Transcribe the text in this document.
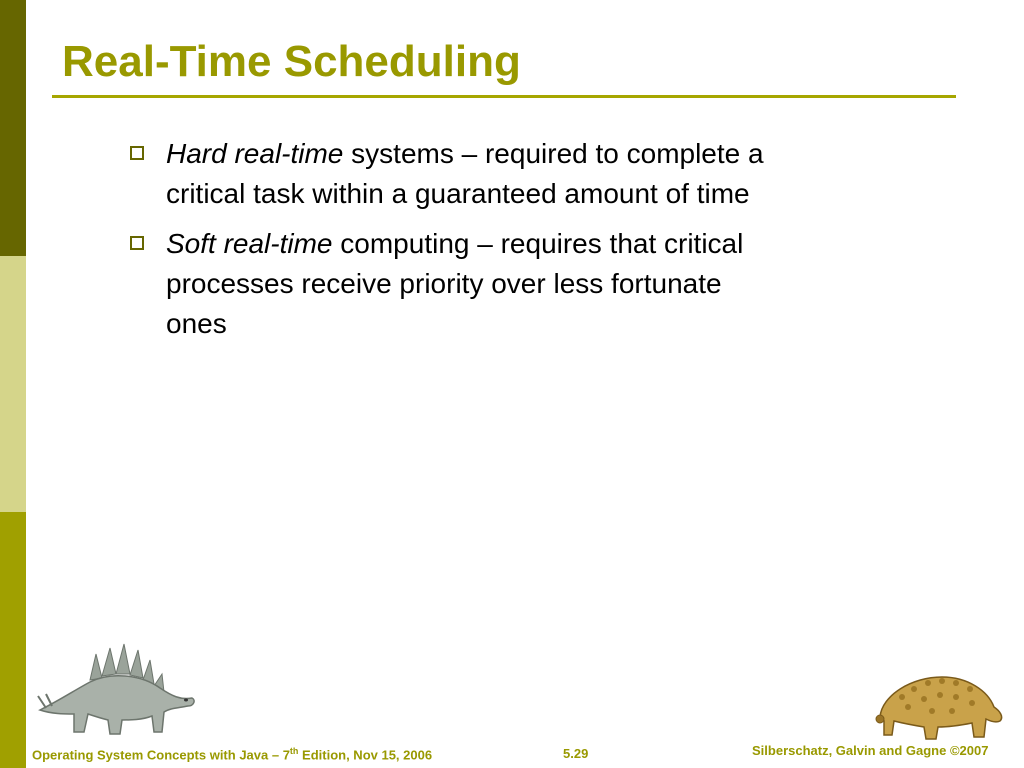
Real-Time Scheduling
Hard real-time systems – required to complete a critical task within a guaranteed amount of time
Soft real-time computing – requires that critical processes receive priority over less fortunate ones
Operating System Concepts with Java – 7th Edition, Nov 15, 2006	5.29	Silberschatz, Galvin and Gagne ©2007
